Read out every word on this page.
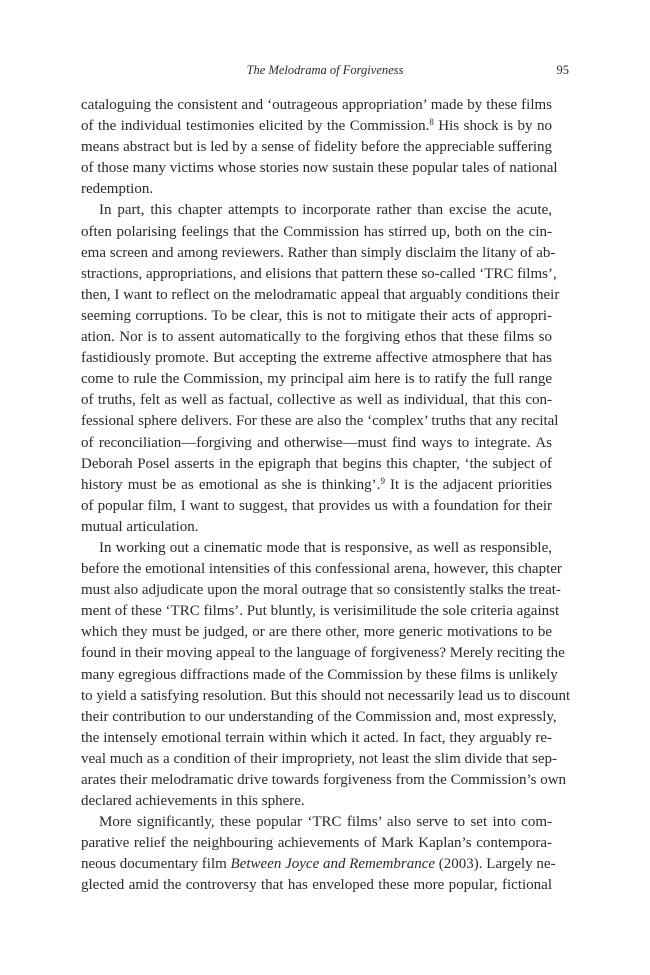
The Melodrama of Forgiveness	95

cataloguing the consistent and ‘outrageous appropriation’ made by these films
of the individual testimonies elicited by the Commission.$^8$ His shock is by no
means abstract but is led by a sense of fidelity before the appreciable suffering
of those many victims whose stories now sustain these popular tales of national
redemption.

In part, this chapter attempts to incorporate rather than excise the acute,
often polarising feelings that the Commission has stirred up, both on the cin-
ema screen and among reviewers. Rather than simply disclaim the litany of ab-
stractions, appropriations, and elisions that pattern these so-called ‘TRC films’,
then, I want to reflect on the melodramatic appeal that arguably conditions their
seeming corruptions. To be clear, this is not to mitigate their acts of appropri-
ation. Nor is to assent automatically to the forgiving ethos that these films so
fastidiously promote. But accepting the extreme affective atmosphere that has
come to rule the Commission, my principal aim here is to ratify the full range
of truths, felt as well as factual, collective as well as individual, that this con-
fessional sphere delivers. For these are also the ‘complex’ truths that any recital
of reconciliation—forgiving and otherwise—must find ways to integrate. As
Deborah Posel asserts in the epigraph that begins this chapter, ‘the subject of
history must be as emotional as she is thinking’.$^9$ It is the adjacent priorities
of popular film, I want to suggest, that provides us with a foundation for their
mutual articulation.

In working out a cinematic mode that is responsive, as well as responsible,
before the emotional intensities of this confessional arena, however, this chapter
must also adjudicate upon the moral outrage that so consistently stalks the treat-
ment of these ‘TRC films’. Put bluntly, is verisimilitude the sole criteria against
which they must be judged, or are there other, more generic motivations to be
found in their moving appeal to the language of forgiveness? Merely reciting the
many egregious diffractions made of the Commission by these films is unlikely
to yield a satisfying resolution. But this should not necessarily lead us to discount
their contribution to our understanding of the Commission and, most expressly,
the intensely emotional terrain within which it acted. In fact, they arguably re-
veal much as a condition of their impropriety, not least the slim divide that sep-
arates their melodramatic drive towards forgiveness from the Commission’s own
declared achievements in this sphere.

More significantly, these popular ‘TRC films’ also serve to set into com-
parative relief the neighbouring achievements of Mark Kaplan’s contempora-
neous documentary film Between Joyce and Remembrance (2003). Largely ne-
glected amid the controversy that has enveloped these more popular, fictional
